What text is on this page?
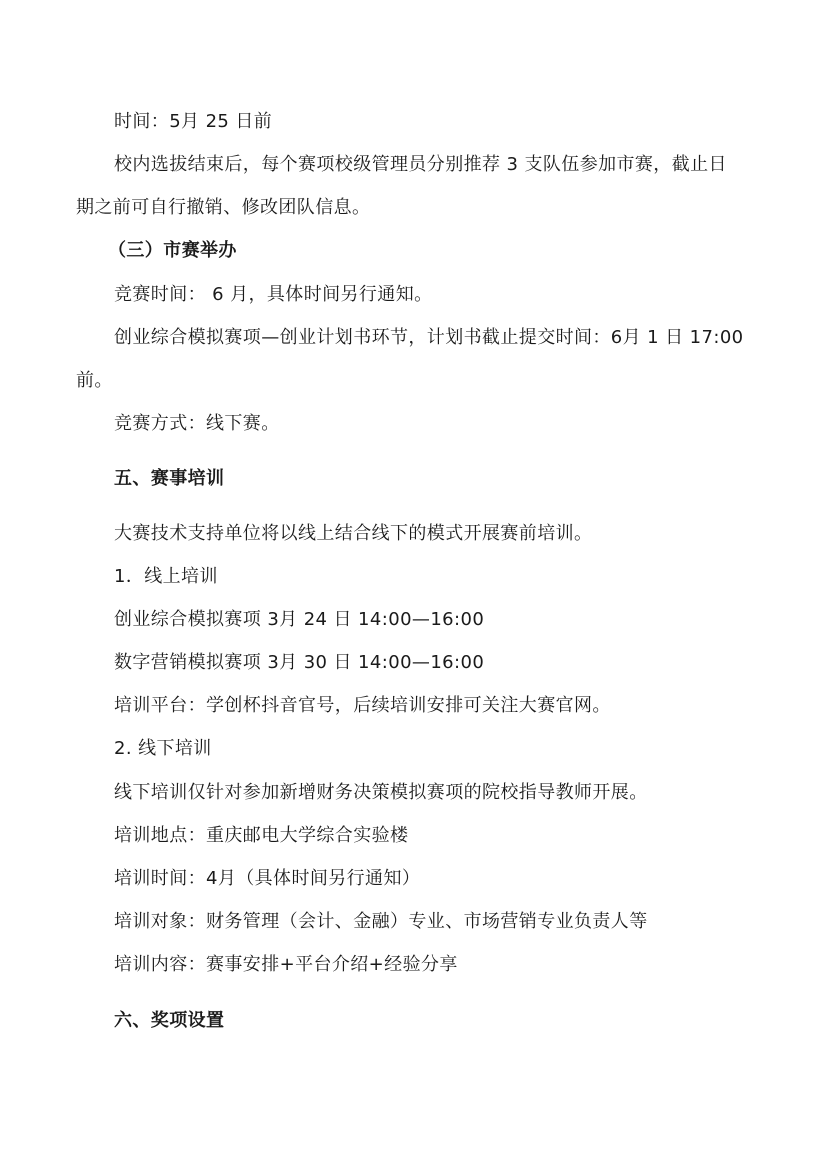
时间：5月 25 日前

校内选拔结束后，每个赛项校级管理员分别推荐 3 支队伍参加市赛，截止日

期之前可自行撤销、修改团队信息。

（三）市赛举办

竞赛时间： 6 月，具体时间另行通知。

创业综合模拟赛项—创业计划书环节，计划书截止提交时间：6月 1 日 17:00

前。

竞赛方式：线下赛。

五、赛事培训

大赛技术支持单位将以线上结合线下的模式开展赛前培训。

1．线上培训

创业综合模拟赛项 3月 24 日 14:00—16:00

数字营销模拟赛项 3月 30 日 14:00—16:00

培训平台：学创杯抖音官号，后续培训安排可关注大赛官网。

2. 线下培训

线下培训仅针对参加新增财务决策模拟赛项的院校指导教师开展。

培训地点：重庆邮电大学综合实验楼

培训时间：4月（具体时间另行通知）

培训对象：财务管理（会计、金融）专业、市场营销专业负责人等

培训内容：赛事安排+平台介绍+经验分享

六、奖项设置
